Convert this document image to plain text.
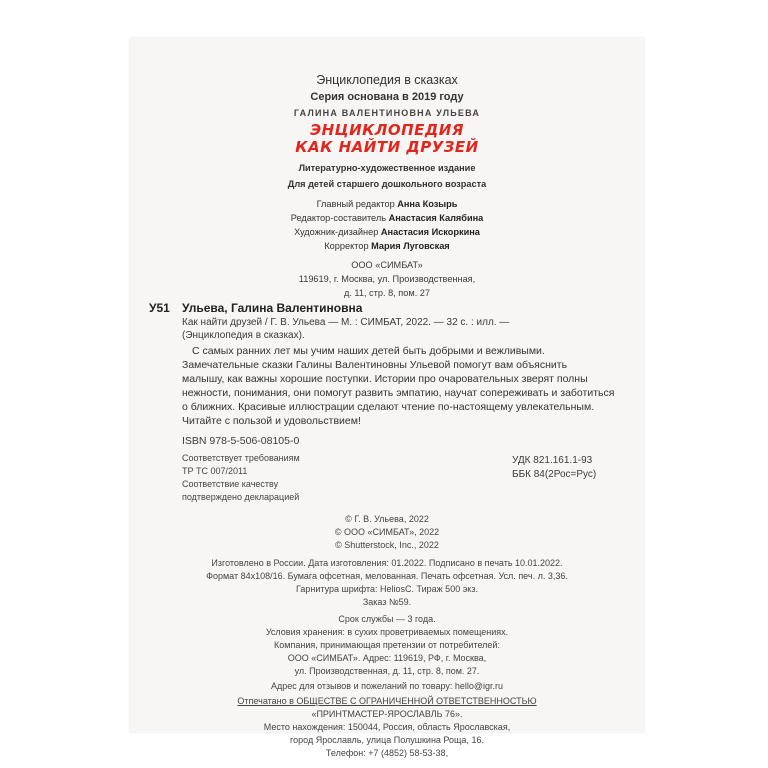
Энциклопедия в сказках
Серия основана в 2019 году
ГАЛИНА ВАЛЕНТИНОВНА УЛЬЕВА
ЭНЦИКЛОПЕДИЯ
КАК НАЙТИ ДРУЗЕЙ
Литературно-художественное издание
Для детей старшего дошкольного возраста
Главный редактор Анна Козырь
Редактор-составитель Анастасия Калябина
Художник-дизайнер Анастасия Искоркина
Корректор Мария Луговская
ООО «СИМБАТ»
119619, г. Москва, ул. Производственная,
д. 11, стр. 8, пом. 27
У51 Ульева, Галина Валентиновна
Как найти друзей / Г. В. Ульева — М. : СИМБАТ, 2022. — 32 с. : илл. —
(Энциклопедия в сказках).
С самых ранних лет мы учим наших детей быть добрыми и вежливыми.
Замечательные сказки Галины Валентиновны Ульевой помогут вам объяснить
малышу, как важны хорошие поступки. Истории про очаровательных зверят полны
нежности, понимания, они помогут развить эмпатию, научат сопереживать и заботиться
о ближних. Красивые иллюстрации сделают чтение по-настоящему увлекательным.
Читайте с пользой и удовольствием!
ISBN 978-5-506-08105-0
Соответствует требованиям
ТР ТС 007/2011
Соответствие качеству
подтверждено декларацией
УДК 821.161.1-93
ББК 84(2Рос=Рус)
© Г. В. Ульева, 2022
© ООО «СИМБАТ», 2022
© Shutterstock, Inc., 2022
Изготовлено в России. Дата изготовления: 01.2022. Подписано в печать 10.01.2022.
Формат 84x108/16. Бумага офсетная, мелованная. Печать офсетная. Усл. печ. л. 3,36.
Гарнитура шрифта: HeliosC. Тираж 500 экз.
Заказ №59.
Срок службы — 3 года.
Условия хранения: в сухих проветриваемых помещениях.
Компания, принимающая претензии от потребителей:
ООО «СИМБАТ». Адрес: 119619, РФ, г. Москва,
ул. Производственная, д. 11, стр. 8, пом. 27.
Адрес для отзывов и пожеланий по товару: hello@igr.ru
Отпечатано в ОБЩЕСТВЕ С ОГРАНИЧЕННОЙ ОТВЕТСТВЕННОСТЬЮ
«ПРИНТМАСТЕР-ЯРОСЛАВЛЬ 76».
Место нахождения: 150044, Россия, область Ярославская,
город Ярославль, улица Полушкина Роща, 16.
Телефон: +7 (4852) 58-53-38,
